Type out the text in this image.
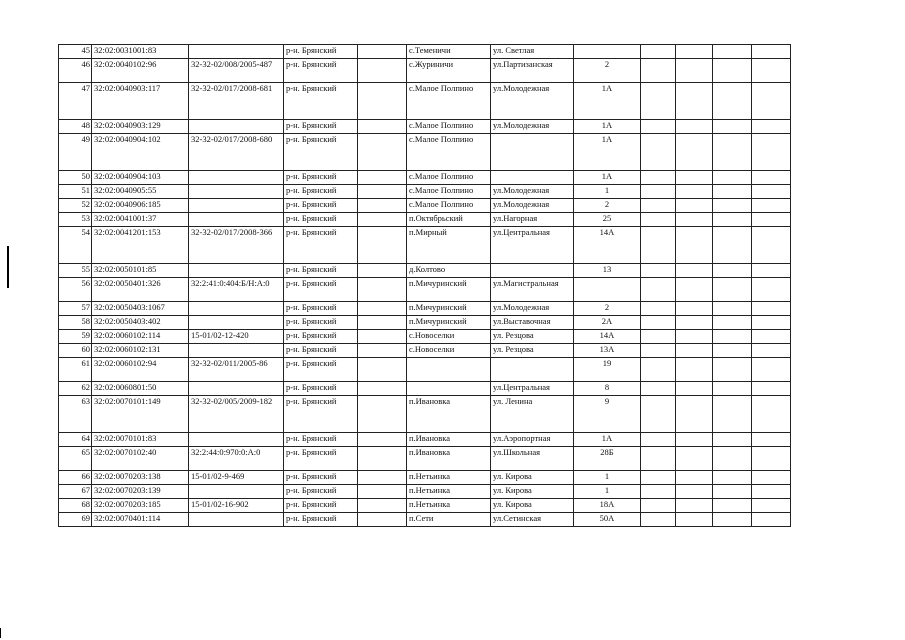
45	32:02:0031001:83		р-н. Брянский		с.Теменичи	ул. Светлая					
46	32:02:0040102:96	32-32-02/008/2005-487	р-н. Брянский		с.Журиничи	ул.Партизанская	2				
47	32:02:0040903:117	32-32-02/017/2008-681	р-н. Брянский		с.Малое Полпино	ул.Молодежная	1А				
48	32:02:0040903:129		р-н. Брянский		с.Малое Полпино	ул.Молодежная	1А				
49	32:02:0040904:102	32-32-02/017/2008-680	р-н. Брянский		с.Малое Полпино		1А				
50	32:02:0040904:103		р-н. Брянский		с.Малое Полпино		1А				
51	32:02:0040905:55		р-н. Брянский		с.Малое Полпино	ул.Молодежная	1				
52	32:02:0040906:185		р-н. Брянский		с.Малое Полпино	ул.Молодежная	2				
53	32:02:0041001:37		р-н. Брянский		п.Октябрьский	ул.Нагорная	25				
54	32:02:0041201:153	32-32-02/017/2008-366	р-н. Брянский		п.Мирный	ул.Центральная	14А				
55	32:02:0050101:85		р-н. Брянский		д.Колтово		13				
56	32:02:0050401:326	32:2:41:0:404:Б/Н:А:0	р-н. Брянский		п.Мичуринский	ул.Магистральная					
57	32:02:0050403:1067		р-н. Брянский		п.Мичуринский	ул.Молодежная	2				
58	32:02:0050403:402		р-н. Брянский		п.Мичуринский	ул.Выставочная	2А				
59	32:02:0060102:114	15-01/02-12-420	р-н. Брянский		с.Новоселки	ул. Резцова	14А				
60	32:02:0060102:131		р-н. Брянский		с.Новоселки	ул. Резцова	13А				
61	32:02:0060102:94	32-32-02/011/2005-86	р-н. Брянский				19				
62	32:02:0060801:50		р-н. Брянский			ул.Центральная	8				
63	32:02:0070101:149	32-32-02/005/2009-182	р-н. Брянский		п.Ивановка	ул. Ленина	9				
64	32:02:0070101:83		р-н. Брянский		п.Ивановка	ул.Аэропортная	1А				
65	32:02:0070102:40	32:2:44:0:970:0:А:0	р-н. Брянский		п.Ивановка	ул.Школьная	28Б				
66	32:02:0070203:138	15-01/02-9-469	р-н. Брянский		п.Нетьинка	ул. Кирова	1				
67	32:02:0070203:139		р-н. Брянский		п.Нетьинка	ул. Кирова	1				
68	32:02:0070203:185	15-01/02-16-902	р-н. Брянский		п.Нетьинка	ул. Кирова	18А				
69	32:02:0070401:114		р-н. Брянский		п.Сети	ул.Сетинская	50А				
